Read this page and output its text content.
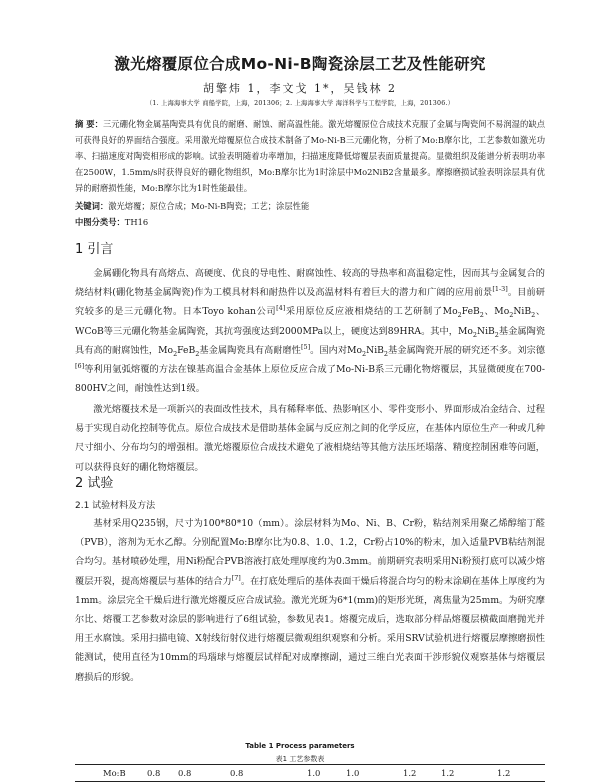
激光熔覆原位合成Mo-Ni-B陶瓷涂层工艺及性能研究
胡擎炜 1，李文戈 1*，吴钱林 2
（1. 上海海事大学 商船学院，上海，201306；2. 上海海事大学 海洋科学与工程学院，上海，201306.）
摘 要：三元硼化物金属基陶瓷具有优良的耐磨、耐蚀、耐高温性能。激光熔覆原位合成技术克服了金属与陶瓷间不易润湿的缺点可获得良好的界面结合强度。采用激光熔覆原位合成技术制备了Mo-Ni-B三元硼化物，分析了Mo:B摩尔比，工艺参数如激光功率、扫描速度对陶瓷相形成的影响。试验表明随着功率增加，扫描速度降低熔覆层表面质量提高。显微组织及能谱分析表明功率在2500W，1.5mm/s时获得良好的硼化物组织，Mo:B摩尔比为1时涂层中Mo2NiB2含量最多。摩擦磨损试验表明涂层具有优异的耐磨损性能，Mo:B摩尔比为1时性能最佳。
关键词：激光熔覆；原位合成；Mo-Ni-B陶瓷；工艺；涂层性能
中图分类号：TH16
1 引言
金属硼化物具有高熔点、高硬度、优良的导电性、耐腐蚀性、较高的导热率和高温稳定性，因而其与金属复合的烧结材料(硼化物基金属陶瓷)作为工模具材料和耐热件以及高温材料有着巨大的潜力和广阔的应用前景[1-3]。目前研究较多的是三元硼化物。日本Toyo kohan公司[4]采用原位反应液相烧结的工艺研制了$Mo_2FeB_2$、$Mo_2NiB_2$、WCoB等三元硼化物基金属陶瓷，其抗弯强度达到2000MPa以上，硬度达到89HRA。其中，$Mo_2NiB_2$基金属陶瓷具有高的耐腐蚀性，$Mo_2FeB_2$基金属陶瓷具有高耐磨性[5]。国内对$Mo_2NiB_2$基金属陶瓷开展的研究还不多。刘宗德[6]等利用氩弧熔覆的方法在镍基高温合金基体上原位反应合成了Mo-Ni-B系三元硼化物熔覆层，其显微硬度在700-800HV之间，耐蚀性达到1级。
激光熔覆技术是一项新兴的表面改性技术，具有稀释率低、热影响区小、零件变形小、界面形成冶金结合、过程易于实现自动化控制等优点。原位合成技术是借助基体金属与反应剂之间的化学反应，在基体内原位生产一种或几种尺寸细小、分布均匀的增强相。激光熔覆原位合成技术避免了液相烧结等其他方法压坯塌落、精度控制困难等问题，可以获得良好的硼化物熔覆层。
2 试验
2.1 试验材料及方法
基材采用Q235钢，尺寸为100*80*10（mm）。涂层材料为Mo、Ni、B、Cr粉，粘结剂采用聚乙烯醇缩丁醛（PVB），溶剂为无水乙醇。分别配置Mo:B摩尔比为0.8、1.0、1.2，Cr粉占10%的粉末，加入适量PVB粘结剂混合均匀。基材喷砂处理，用Ni粉配合PVB溶液打底处理厚度约为0.3mm。前期研究表明采用Ni粉预打底可以减少熔覆层开裂，提高熔覆层与基体的结合力[7]。在打底处理后的基体表面干燥后将混合均匀的粉末涂刷在基体上厚度约为1mm。涂层完全干燥后进行激光熔覆反应合成试验。激光光斑为6*1(mm)的矩形光斑，离焦量为25mm。为研究摩尔比、熔覆工艺参数对涂层的影响进行了6组试验，参数见表1。熔覆完成后，选取部分样品熔覆层横截面磨抛光并用王水腐蚀。采用扫描电镜、X射线衍射仪进行熔覆层微观组织观察和分析。采用SRV试验机进行熔覆层摩擦磨损性能测试，使用直径为10mm的玛瑙球与熔覆层试样配对成摩擦副，通过三维白光表面干涉形貌仪观察基体与熔覆层磨损后的形貌。
Table 1 Process parameters
表1 工艺参数表
Mo:B	0.8 0.8	0.8	1.0	1.0	1.2	1.2	1.2
